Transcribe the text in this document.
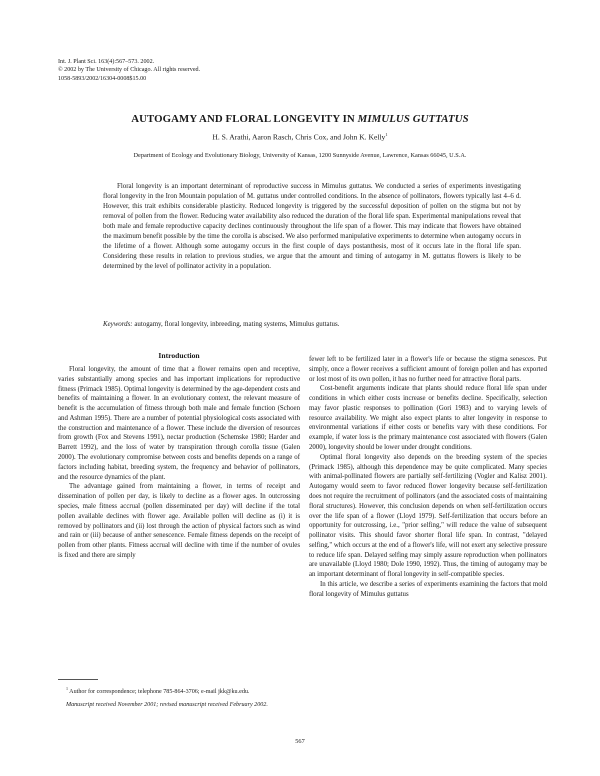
Int. J. Plant Sci. 163(4):567–573. 2002.
© 2002 by The University of Chicago. All rights reserved.
1058-5893/2002/16304-0008$15.00
AUTOGAMY AND FLORAL LONGEVITY IN MIMULUS GUTTATUS
H. S. Arathi, Aaron Rasch, Chris Cox, and John K. Kelly$^1$
Department of Ecology and Evolutionary Biology, University of Kansas, 1200 Sunnyside Avenue, Lawrence, Kansas 66045, U.S.A.
Floral longevity is an important determinant of reproductive success in Mimulus guttatus. We conducted a series of experiments investigating floral longevity in the Iron Mountain population of M. guttatus under controlled conditions. In the absence of pollinators, flowers typically last 4–6 d. However, this trait exhibits considerable plasticity. Reduced longevity is triggered by the successful deposition of pollen on the stigma but not by removal of pollen from the flower. Reducing water availability also reduced the duration of the floral life span. Experimental manipulations reveal that both male and female reproductive capacity declines continuously throughout the life span of a flower. This may indicate that flowers have obtained the maximum benefit possible by the time the corolla is abscised. We also performed manipulative experiments to determine when autogamy occurs in the lifetime of a flower. Although some autogamy occurs in the first couple of days postanthesis, most of it occurs late in the floral life span. Considering these results in relation to previous studies, we argue that the amount and timing of autogamy in M. guttatus flowers is likely to be determined by the level of pollinator activity in a population.
Keywords: autogamy, floral longevity, inbreeding, mating systems, Mimulus guttatus.
Introduction

Floral longevity, the amount of time that a flower remains open and receptive, varies substantially among species and has important implications for reproductive fitness (Primack 1985). Optimal longevity is determined by the age-dependent costs and benefits of maintaining a flower. In an evolutionary context, the relevant measure of benefit is the accumulation of fitness through both male and female function (Schoen and Ashman 1995). There are a number of potential physiological costs associated with the construction and maintenance of a flower. These include the diversion of resources from growth (Fox and Stevens 1991), nectar production (Schemske 1980; Harder and Barrett 1992), and the loss of water by transpiration through corolla tissue (Galen 2000). The evolutionary compromise between costs and benefits depends on a range of factors including habitat, breeding system, the frequency and behavior of pollinators, and the resource dynamics of the plant.

The advantage gained from maintaining a flower, in terms of receipt and dissemination of pollen per day, is likely to decline as a flower ages. In outcrossing species, male fitness accrual (pollen disseminated per day) will decline if the total pollen available declines with flower age. Available pollen will decline as (i) it is removed by pollinators and (ii) lost through the action of physical factors such as wind and rain or (iii) because of anther senescence. Female fitness depends on the receipt of pollen from other plants. Fitness accrual will decline with time if the number of ovules is fixed and there are simply

fewer left to be fertilized later in a flower's life or because the stigma senesces. Put simply, once a flower receives a sufficient amount of foreign pollen and has exported or lost most of its own pollen, it has no further need for attractive floral parts.

Cost-benefit arguments indicate that plants should reduce floral life span under conditions in which either costs increase or benefits decline. Specifically, selection may favor plastic responses to pollination (Gori 1983) and to varying levels of resource availability. We might also expect plants to alter longevity in response to environmental variations if either costs or benefits vary with these conditions. For example, if water loss is the primary maintenance cost associated with flowers (Galen 2000), longevity should be lower under drought conditions.

Optimal floral longevity also depends on the breeding system of the species (Primack 1985), although this dependence may be quite complicated. Many species with animal-pollinated flowers are partially self-fertilizing (Vogler and Kalisz 2001). Autogamy would seem to favor reduced flower longevity because self-fertilization does not require the recruitment of pollinators (and the associated costs of maintaining floral structures). However, this conclusion depends on when self-fertilization occurs over the life span of a flower (Lloyd 1979). Self-fertilization that occurs before an opportunity for outcrossing, i.e., "prior selfing," will reduce the value of subsequent pollinator visits. This should favor shorter floral life span. In contrast, "delayed selfing," which occurs at the end of a flower's life, will not exert any selective pressure to reduce life span. Delayed selfing may simply assure reproduction when pollinators are unavailable (Lloyd 1980; Dole 1990, 1992). Thus, the timing of autogamy may be an important determinant of floral longevity in self-compatible species.

In this article, we describe a series of experiments examining the factors that mold floral longevity of Mimulus guttatus

$^1$ Author for correspondence; telephone 785-864-3706; e-mail jkk@ku.edu.

Manuscript received November 2001; revised manuscript received February 2002.

567
